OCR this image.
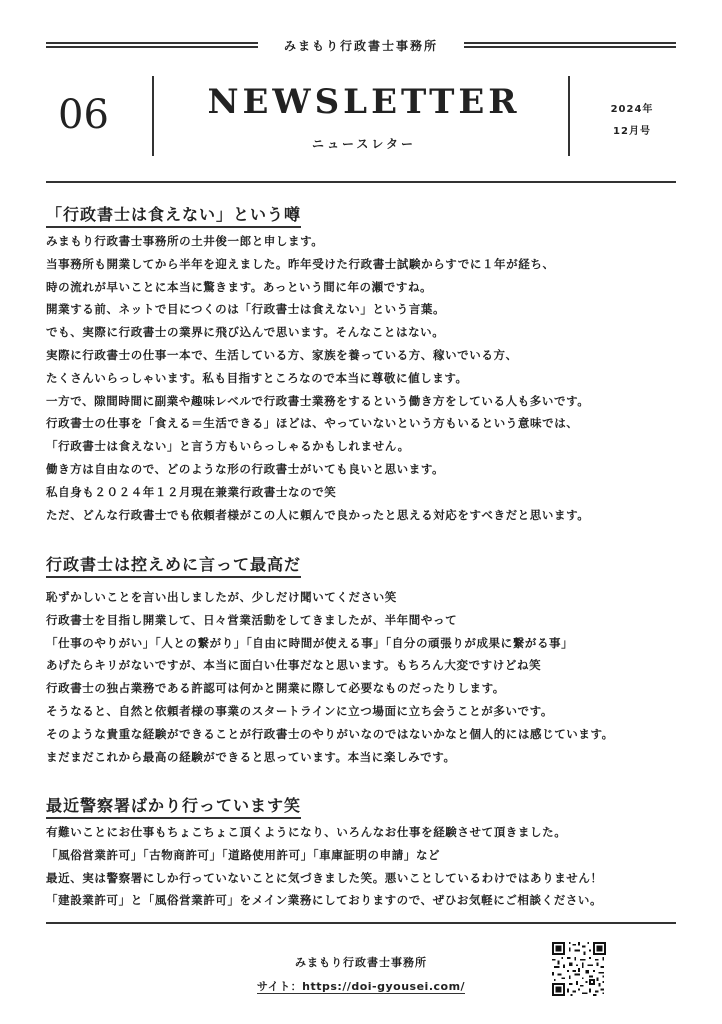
みまもり行政書士事務所
06	NEWSLETTER
ニュースレター
2024年
12月号
「行政書士は食えない」という噂
みまもり行政書士事務所の土井俊一郎と申します。
当事務所も開業してから半年を迎えました。昨年受けた行政書士試験からすでに１年が経ち、
時の流れが早いことに本当に驚きます。あっという間に年の瀬ですね。
開業する前、ネットで目につくのは「行政書士は食えない」という言葉。
でも、実際に行政書士の業界に飛び込んで思います。そんなことはない。
実際に行政書士の仕事一本で、生活している方、家族を養っている方、稼いでいる方、
たくさんいらっしゃいます。私も目指すところなので本当に尊敬に値します。
一方で、隙間時間に副業や趣味レベルで行政書士業務をするという働き方をしている人も多いです。
行政書士の仕事を「食える＝生活できる」ほどは、やっていないという方もいるという意味では、
「行政書士は食えない」と言う方もいらっしゃるかもしれません。
働き方は自由なので、どのような形の行政書士がいても良いと思います。
私自身も２０２４年１２月現在兼業行政書士なので笑
ただ、どんな行政書士でも依頼者様がこの人に頼んで良かったと思える対応をすべきだと思います。
行政書士は控えめに言って最高だ
恥ずかしいことを言い出しましたが、少しだけ聞いてください笑
行政書士を目指し開業して、日々営業活動をしてきましたが、半年間やって
「仕事のやりがい」「人との繋がり」「自由に時間が使える事」「自分の頑張りが成果に繋がる事」
あげたらキリがないですが、本当に面白い仕事だなと思います。もちろん大変ですけどね笑
行政書士の独占業務である許認可は何かと開業に際して必要なものだったりします。
そうなると、自然と依頼者様の事業のスタートラインに立つ場面に立ち会うことが多いです。
そのような貴重な経験ができることが行政書士のやりがいなのではないかなと個人的には感じています。
まだまだこれから最高の経験ができると思っています。本当に楽しみです。
最近警察署ばかり行っています笑
有難いことにお仕事もちょこちょこ頂くようになり、いろんなお仕事を経験させて頂きました。
「風俗営業許可」「古物商許可」「道路使用許可」「車庫証明の申請」など
最近、実は警察署にしか行っていないことに気づきました笑。悪いことしているわけではありません！
「建設業許可」と「風俗営業許可」をメイン業務にしておりますので、ぜひお気軽にご相談ください。
みまもり行政書士事務所
サイト：https://doi-gyousei.com/
